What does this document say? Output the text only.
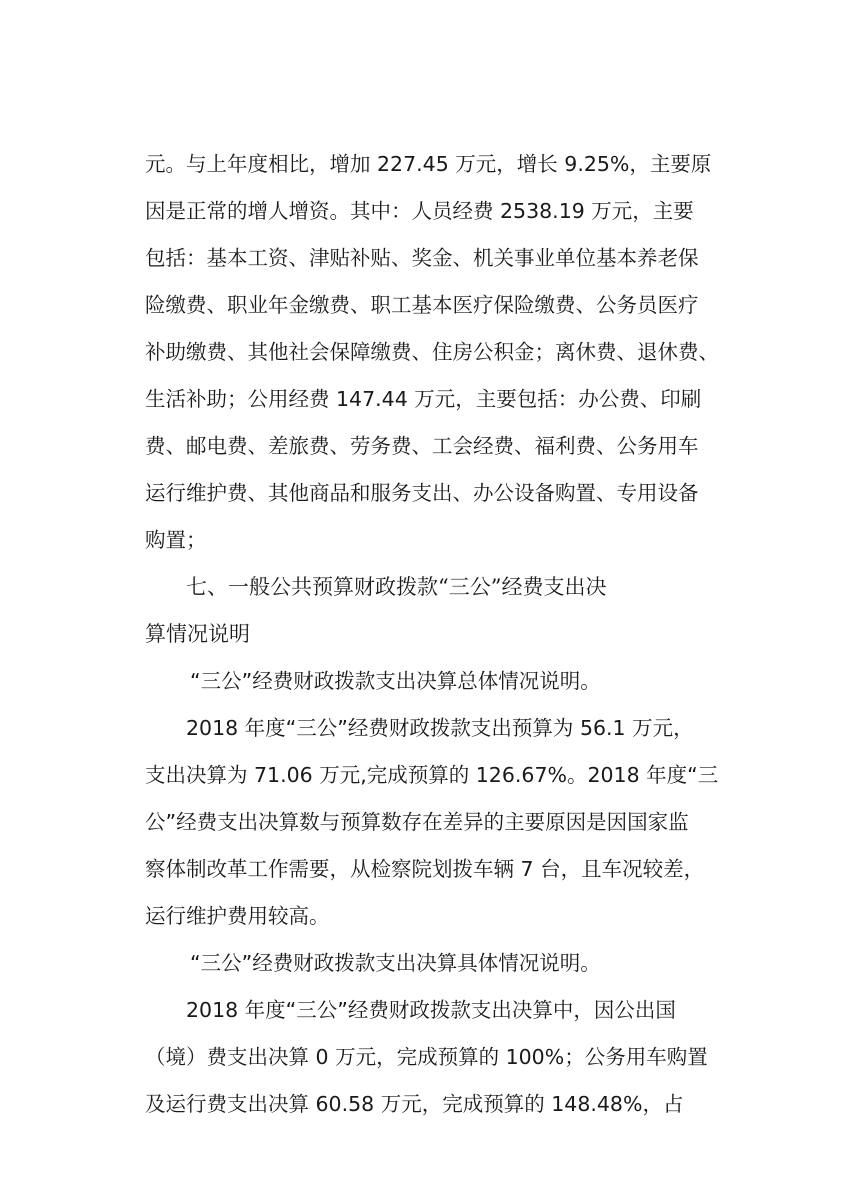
元。与上年度相比，增加 227.45 万元，增长 9.25%，主要原
因是正常的增人增资。其中：人员经费 2538.19 万元，主要
包括：基本工资、津贴补贴、奖金、机关事业单位基本养老保
险缴费、职业年金缴费、职工基本医疗保险缴费、公务员医疗
补助缴费、其他社会保障缴费、住房公积金；离休费、退休费、
生活补助；公用经费 147.44 万元，主要包括：办公费、印刷
费、邮电费、差旅费、劳务费、工会经费、福利费、公务用车
运行维护费、其他商品和服务支出、办公设备购置、专用设备
购置；
七、一般公共预算财政拨款“三公”经费支出决
算情况说明
“三公”经费财政拨款支出决算总体情况说明。
2018 年度“三公”经费财政拨款支出预算为 56.1 万元，
支出决算为 71.06 万元,完成预算的 126.67%。2018 年度“三
公”经费支出决算数与预算数存在差异的主要原因是因国家监
察体制改革工作需要，从检察院划拨车辆 7 台，且车况较差，
运行维护费用较高。
“三公”经费财政拨款支出决算具体情况说明。
2018 年度“三公”经费财政拨款支出决算中，因公出国
（境）费支出决算 0 万元，完成预算的 100%；公务用车购置
及运行费支出决算 60.58 万元，完成预算的 148.48%，占
